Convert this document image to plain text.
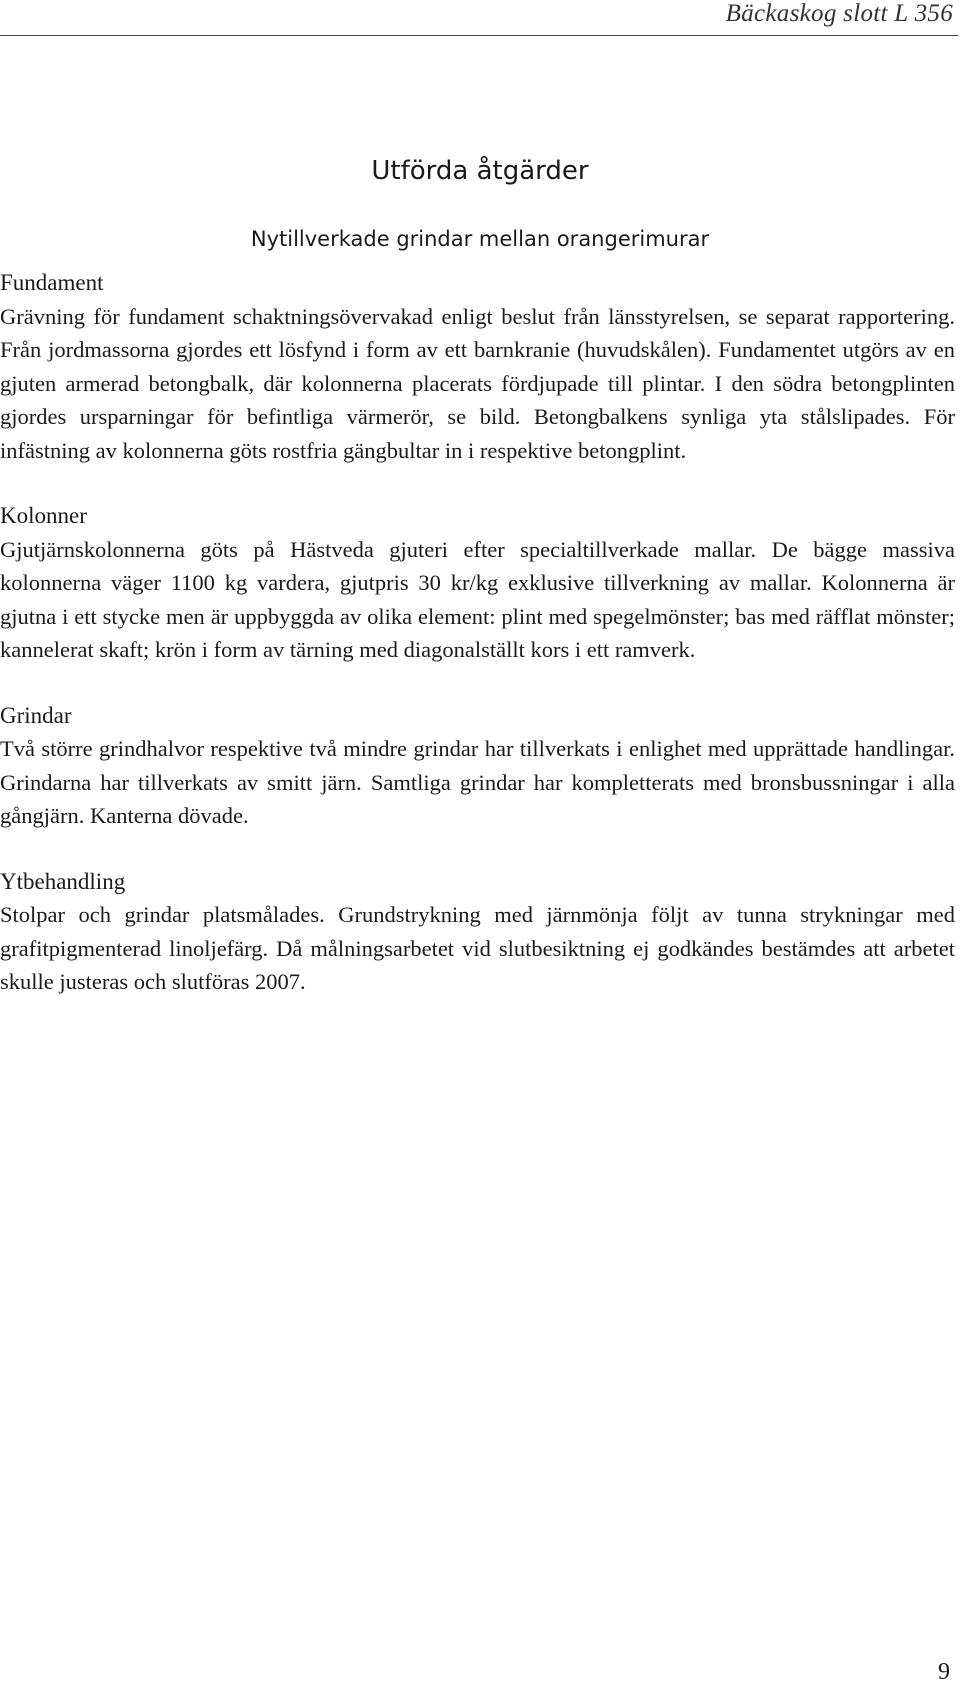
Bäckaskog slott L 356
Utförda åtgärder
Nytillverkade grindar mellan orangerimurar
Fundament

Grävning för fundament schaktningsövervakad enligt beslut från länsstyrelsen, se separat rapportering. Från jordmassorna gjordes ett lösfynd i form av ett barnkranie (huvudskålen). Fundamentet utgörs av en gjuten armerad betongbalk, där kolonnerna placerats fördjupade till plintar. I den södra betongplinten gjordes ursparningar för befintliga värmerör, se bild. Betongbalkens synliga yta stålslipades. För infästning av kolonnerna göts rostfria gängbultar in i respektive betongplint.

Kolonner

Gjutjärnskolonnerna göts på Hästveda gjuteri efter specialtillverkade mallar. De bägge massiva kolonnerna väger 1100 kg vardera, gjutpris 30 kr/kg exklusive tillverkning av mallar. Kolonnerna är gjutna i ett stycke men är uppbyggda av olika element: plint med spegelmönster; bas med räfflat mönster; kannelerat skaft; krön i form av tärning med diagonalställt kors i ett ramverk.

Grindar

Två större grindhalvor respektive två mindre grindar har tillverkats i enlighet med upprättade handlingar. Grindarna har tillverkats av smitt järn. Samtliga grindar har kompletterats med bronsbussningar i alla gångjärn. Kanterna dövade.

Ytbehandling

Stolpar och grindar platsmålades. Grundstrykning med järnmönja följt av tunna strykningar med grafitpigmenterad linoljefärg. Då målningsarbetet vid slutbesiktning ej godkändes bestämdes att arbetet skulle justeras och slutföras 2007.

9
